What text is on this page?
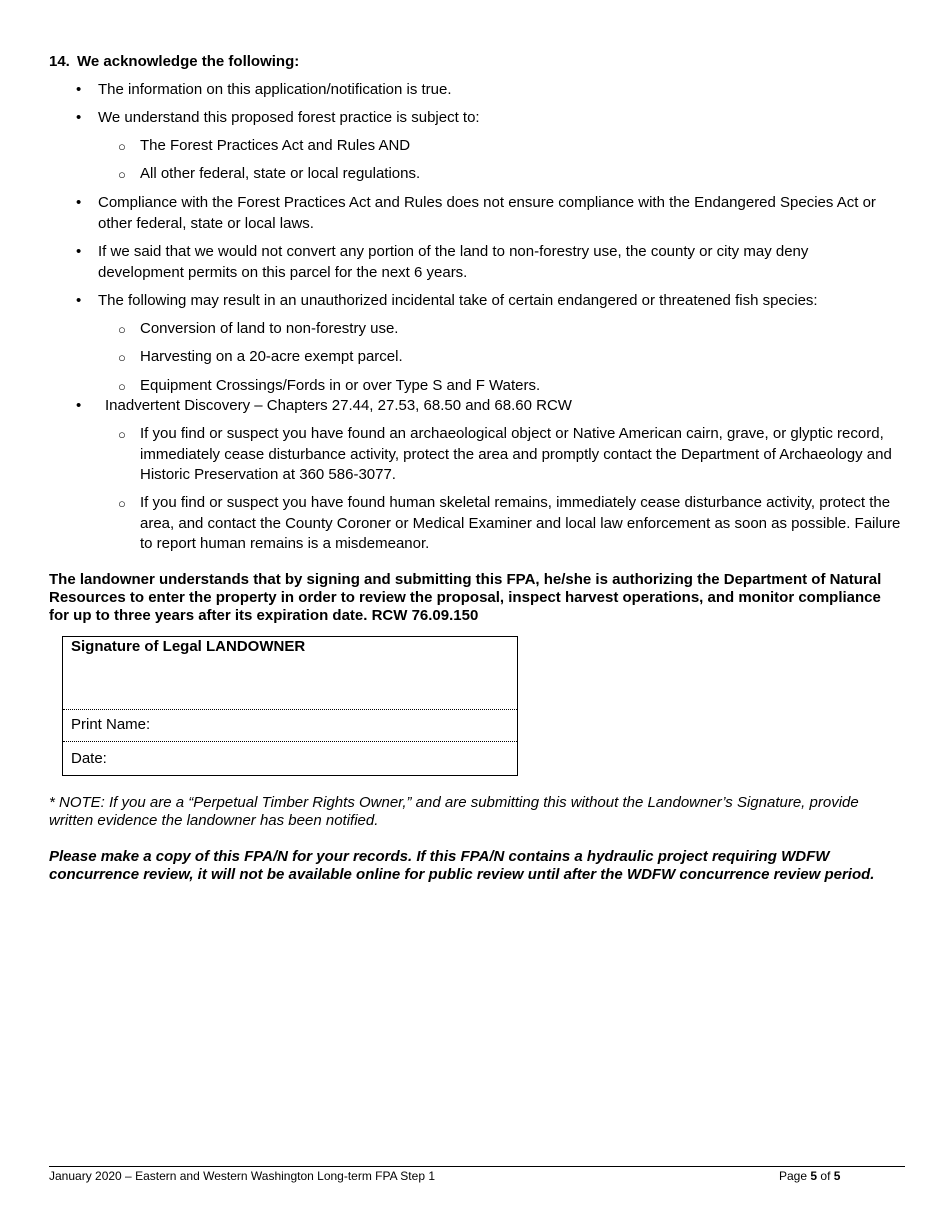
14. We acknowledge the following:
• The information on this application/notification is true.
• We understand this proposed forest practice is subject to:
○ The Forest Practices Act and Rules AND
○ All other federal, state or local regulations.
• Compliance with the Forest Practices Act and Rules does not ensure compliance with the Endangered Species Act or other federal, state or local laws.
• If we said that we would not convert any portion of the land to non-forestry use, the county or city may deny development permits on this parcel for the next 6 years.
• The following may result in an unauthorized incidental take of certain endangered or threatened fish species:
○ Conversion of land to non-forestry use.
○ Harvesting on a 20-acre exempt parcel.
○ Equipment Crossings/Fords in or over Type S and F Waters.
• Inadvertent Discovery – Chapters 27.44, 27.53, 68.50 and 68.60 RCW
○ If you find or suspect you have found an archaeological object or Native American cairn, grave, or glyptic record, immediately cease disturbance activity, protect the area and promptly contact the Department of Archaeology and Historic Preservation at 360 586-3077.
○ If you find or suspect you have found human skeletal remains, immediately cease disturbance activity, protect the area, and contact the County Coroner or Medical Examiner and local law enforcement as soon as possible. Failure to report human remains is a misdemeanor.
The landowner understands that by signing and submitting this FPA, he/she is authorizing the Department of Natural Resources to enter the property in order to review the proposal, inspect harvest operations, and monitor compliance for up to three years after its expiration date. RCW 76.09.150
Signature of Legal LANDOWNER
Print Name:
Date:
* NOTE: If you are a “Perpetual Timber Rights Owner,” and are submitting this without the Landowner’s Signature, provide written evidence the landowner has been notified.
Please make a copy of this FPA/N for your records. If this FPA/N contains a hydraulic project requiring WDFW concurrence review, it will not be available online for public review until after the WDFW concurrence review period.
January 2020 – Eastern and Western Washington Long-term FPA Step 1	Page 5 of 5
